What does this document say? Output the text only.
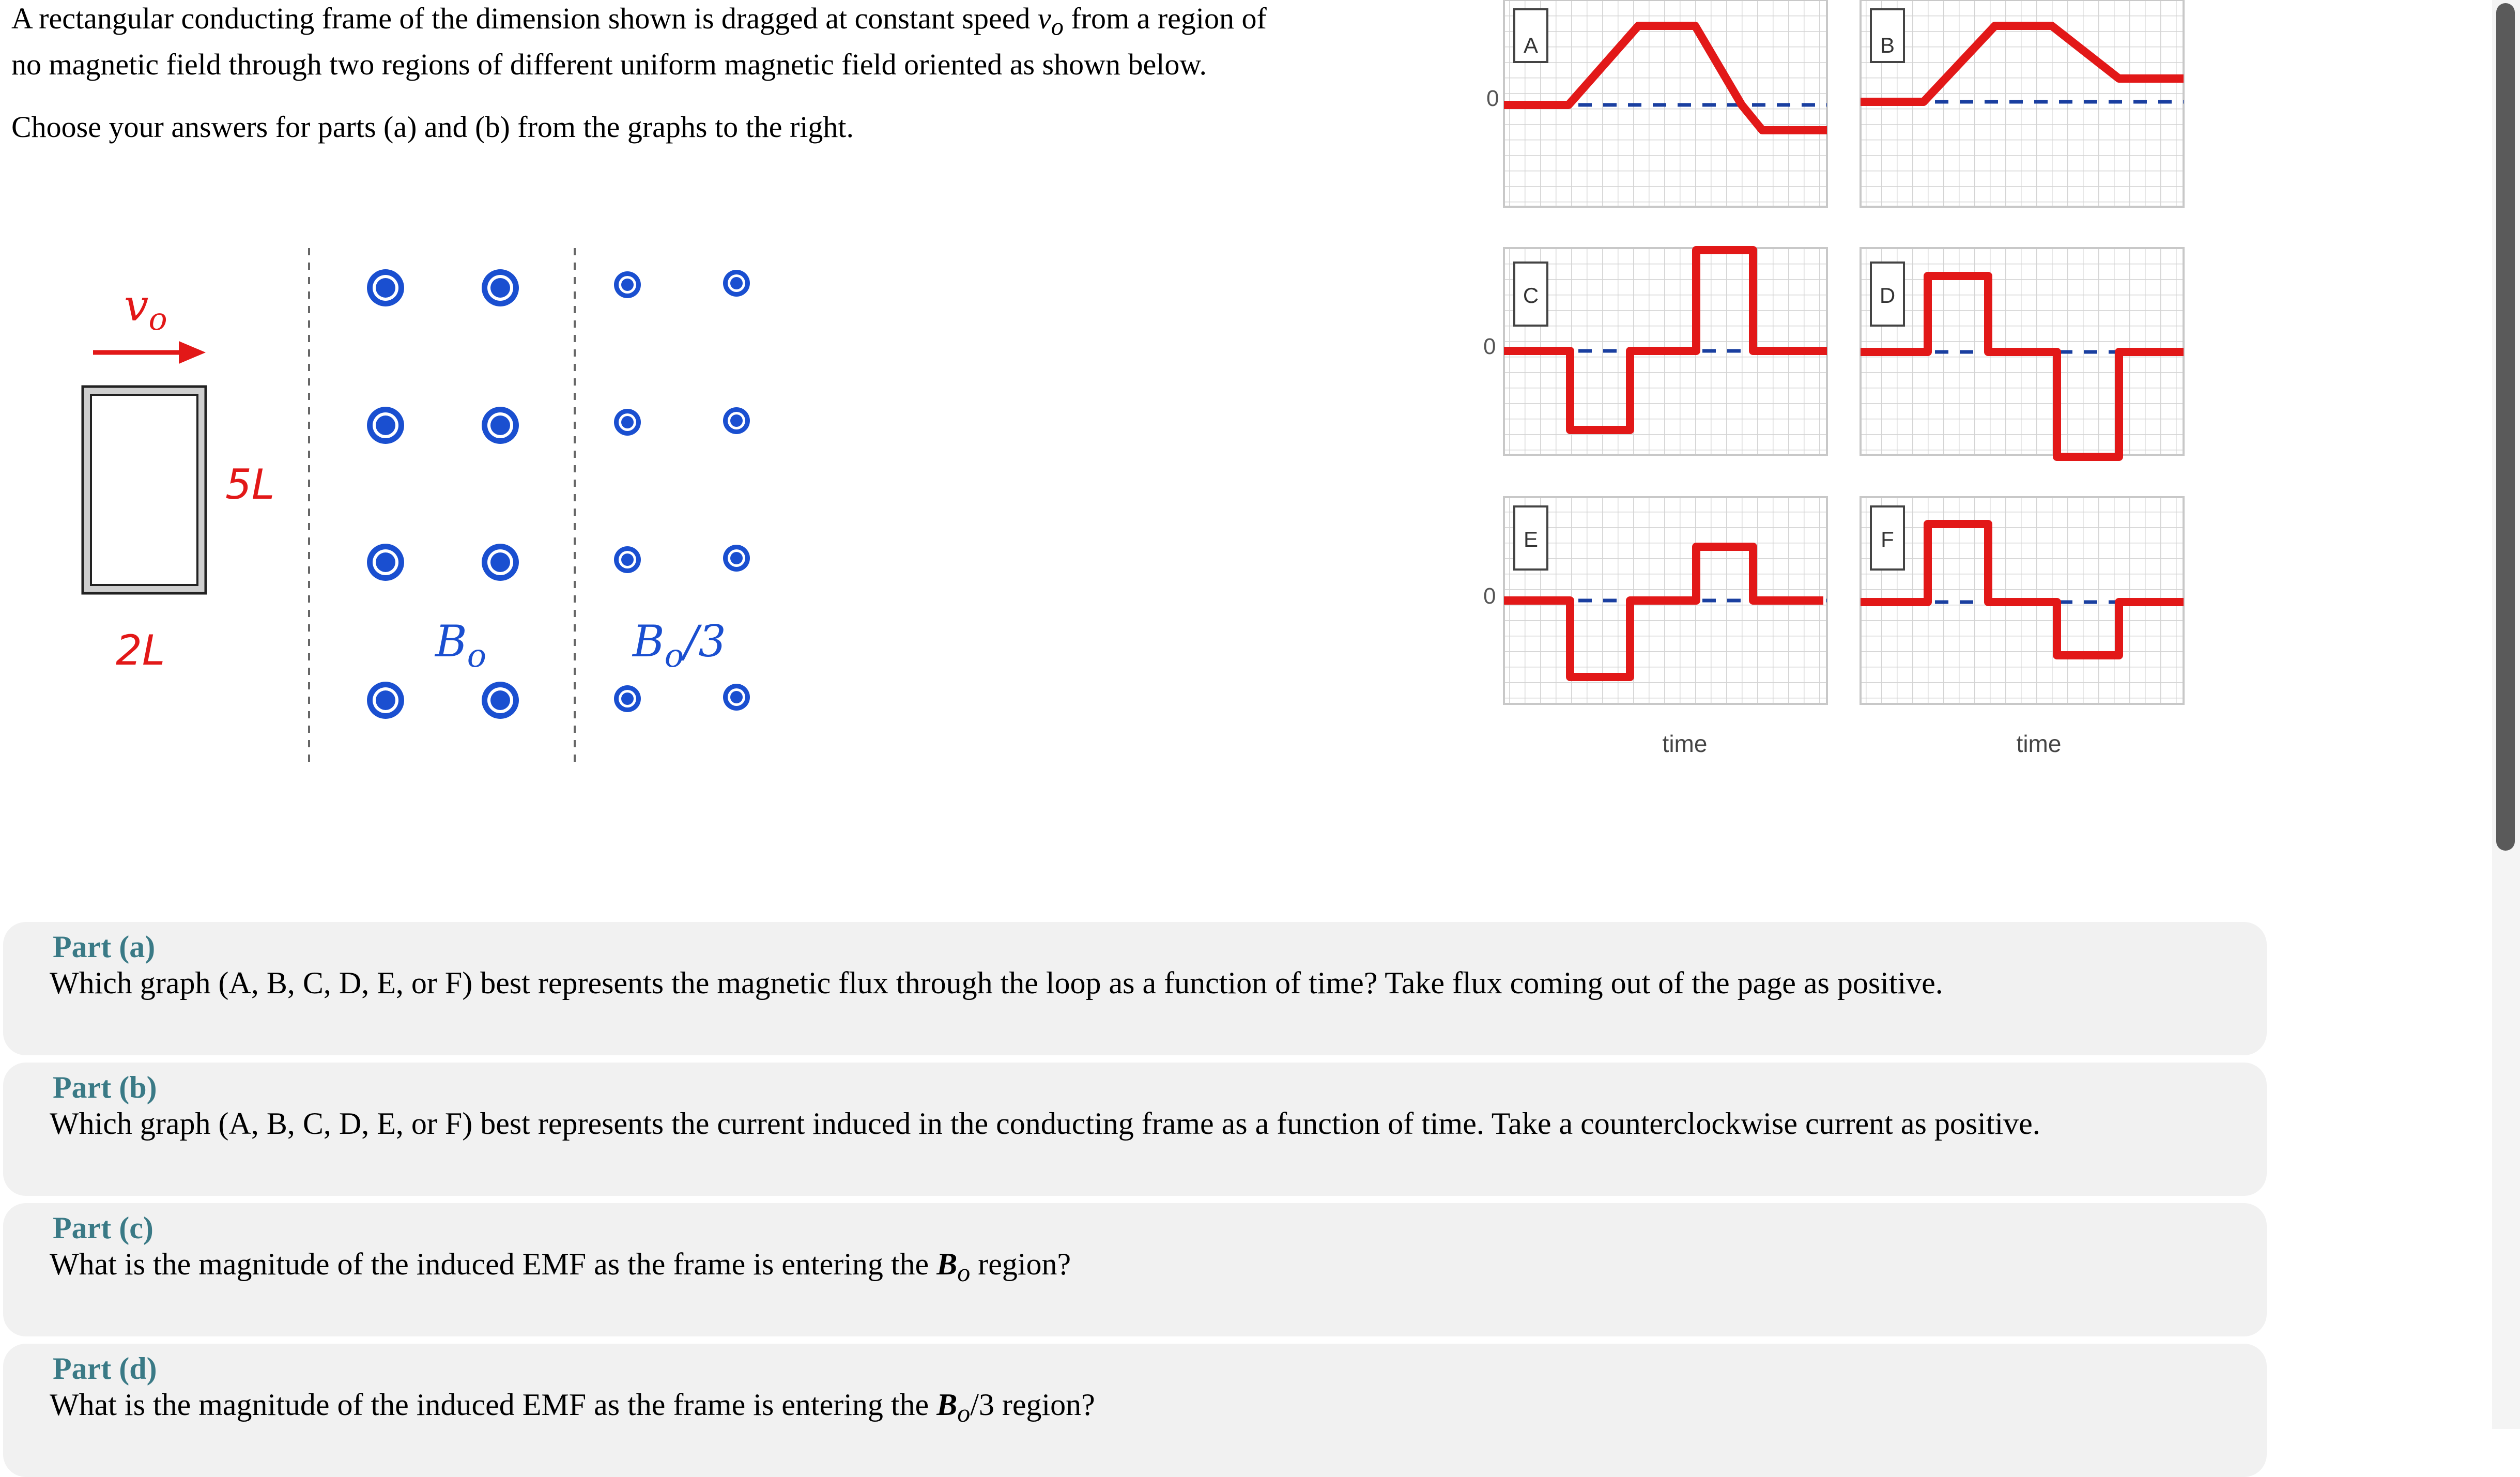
A rectangular conducting frame of the dimension shown is dragged at constant speed $v_o$ from a region of

no magnetic field through two regions of different uniform magnetic field oriented as shown below.

Choose your answers for parts (a) and (b) from the graphs to the right.

$v_o$
5L
2L	$B_o$	$B_o/3$
A
0
B
C
0
D
E
0
F
time	time
Part (a)
Which graph (A, B, C, D, E, or F) best represents the magnetic flux through the loop as a function of time? Take flux coming out of the page as positive.
Part (b)
Which graph (A, B, C, D, E, or F) best represents the current induced in the conducting frame as a function of time. Take a counterclockwise current as positive.
Part (c)
What is the magnitude of the induced EMF as the frame is entering the $B_o$ region?
Part (d)
What is the magnitude of the induced EMF as the frame is entering the $B_o/3$ region?
